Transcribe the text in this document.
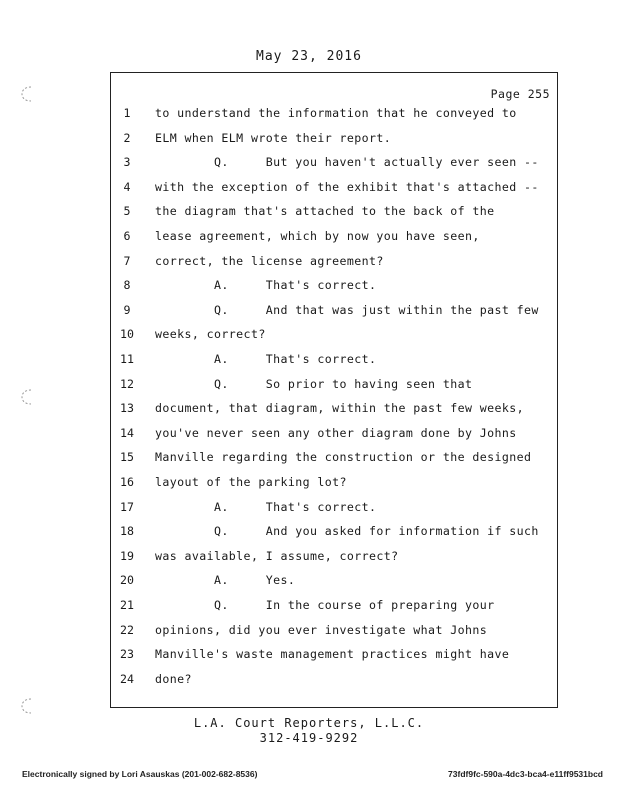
May 23, 2016
Page 255
1	to understand the information that he conveyed to
2	ELM when ELM wrote their report.
3	Q.     But you haven't actually ever seen --
4	with the exception of the exhibit that's attached --
5	the diagram that's attached to the back of the
6	lease agreement, which by now you have seen,
7	correct, the license agreement?
8	A.     That's correct.
9	Q.     And that was just within the past few
10	weeks, correct?
11	A.     That's correct.
12	Q.     So prior to having seen that
13	document, that diagram, within the past few weeks,
14	you've never seen any other diagram done by Johns
15	Manville regarding the construction or the designed
16	layout of the parking lot?
17	A.     That's correct.
18	Q.     And you asked for information if such
19	was available, I assume, correct?
20	A.     Yes.
21	Q.     In the course of preparing your
22	opinions, did you ever investigate what Johns
23	Manville's waste management practices might have
24	done?
L.A. Court Reporters, L.L.C.
312-419-9292
Electronically signed by Lori Asauskas (201-002-682-8536)	73fdf9fc-590a-4dc3-bca4-e11ff9531bcd
